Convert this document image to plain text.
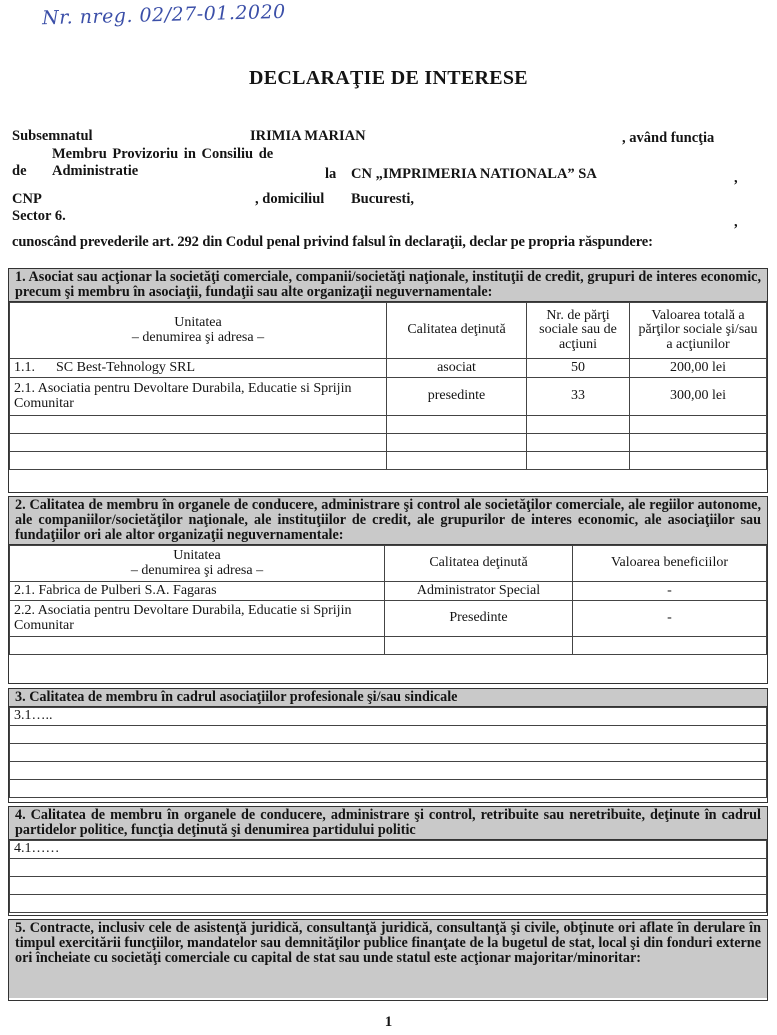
Nr. nreg. 02/27-01.2020
DECLARAŢIE DE INTERESE
Subsemnatul	IRIMIA MARIAN	, având funcţia
Membru Provizoriu in Consiliu de
de Administratie	la CN „IMPRIMERIA NATIONALA” SA	,
CNP	, domiciliul Bucuresti,
Sector 6.	,
cunoscând prevederile art. 292 din Codul penal privind falsul în declaraţii, declar pe propria răspundere:
1. Asociat sau acţionar la societăţi comerciale, companii/societăţi naţionale, instituţii de credit, grupuri de interes economic, precum şi membru în asociaţii, fundaţii sau alte organizaţii neguvernamentale:
Unitatea
– denumirea şi adresa –	Calitatea deţinută	Nr. de părţi sociale sau de acţiuni	Valoarea totală a părţilor sociale şi/sau a acţiunilor
1.1.      SC Best-Tehnology SRL	asociat	50	200,00 lei
2.1. Asociatia pentru Devoltare Durabila, Educatie si Sprijin Comunitar	presedinte	33	300,00 lei

2. Calitatea de membru în organele de conducere, administrare şi control ale societăţilor comerciale, ale regiilor autonome, ale companiilor/societăţilor naţionale, ale instituţiilor de credit, ale grupurilor de interes economic, ale asociaţiilor sau fundaţiilor ori ale altor organizaţii neguvernamentale:
Unitatea
– denumirea şi adresa –	Calitatea deţinută	Valoarea beneficiilor
2.1. Fabrica de Pulberi S.A. Fagaras	Administrator Special	-
2.2. Asociatia pentru Devoltare Durabila, Educatie si Sprijin Comunitar	Presedinte	-

3. Calitatea de membru în cadrul asociaţiilor profesionale şi/sau sindicale
3.1…..

4. Calitatea de membru în organele de conducere, administrare şi control, retribuite sau neretribuite, deţinute în cadrul partidelor politice, funcţia deţinută şi denumirea partidului politic
4.1……

5. Contracte, inclusiv cele de asistenţă juridică, consultanţă juridică, consultanţă şi civile, obţinute ori aflate în derulare în timpul exercitării funcţiilor, mandatelor sau demnităţilor publice finanţate de la bugetul de stat, local şi din fonduri externe ori încheiate cu societăţi comerciale cu capital de stat sau unde statul este acţionar majoritar/minoritar:
1
